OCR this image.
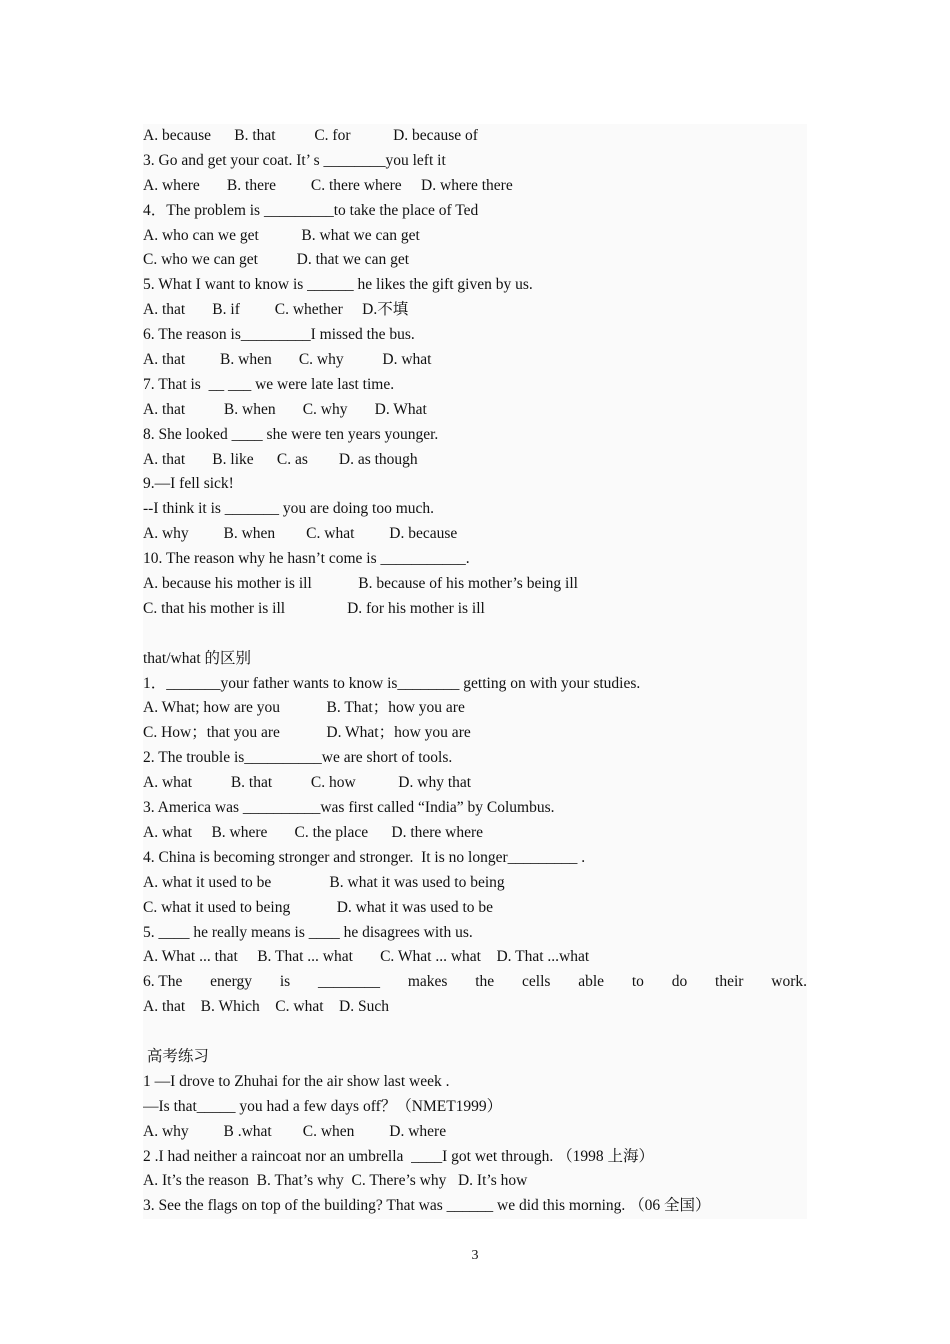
A. because      B. that          C. for           D. because of
3. Go and get your coat. It’ s ________you left it
A. where       B. there         C. there where     D. where there
4．The problem is _________to take the place of Ted
A. who can we get           B. what we can get
C. who we can get          D. that we can get
5. What I want to know is ______ he likes the gift given by us.
A. that       B. if         C. whether     D.不填
6. The reason is_________I missed the bus.
A. that         B. when       C. why          D. what
7. That is  __ ___ we were late last time.
A. that          B. when       C. why       D. What
8. She looked ____ she were ten years younger.
A. that       B. like      C. as        D. as though
9.—I fell sick!
--I think it is _______ you are doing too much.
A. why         B. when        C. what         D. because
10. The reason why he hasn’t come is ___________.
A. because his mother is ill            B. because of his mother’s being ill
C. that his mother is ill                D. for his mother is ill
that/what 的区别
1．_______your father wants to know is________ getting on with your studies.
A. What; how are you            B. That；how you are
C. How；that you are            D. What；how you are
2. The trouble is__________we are short of tools.
A. what          B. that          C. how           D. why that
3. America was __________was first called “India” by Columbus.
A. what     B. where       C. the place      D. there where
4. China is becoming stronger and stronger.  It is no longer_________ .
A. what it used to be               B. what it was used to being
C. what it used to being            D. what it was used to be
5. ____ he really means is ____ he disagrees with us.
A. What ... that     B. That ... what       C. What ... what    D. That ...what
6. The energy is ________ makes the cells able to do their work.
A. that    B. Which    C. what    D. Such
高考练习
1 —I drove to Zhuhai for the air show last week .
—Is that_____ you had a few days off？（NMET1999）
A. why         B .what        C. when         D. where
2 .I had neither a raincoat nor an umbrella  ____I got wet through. （1998 上海）
A. It’s the reason  B. That’s why  C. There’s why   D. It’s how
3. See the flags on top of the building? That was ______ we did this morning. （06 全国）
3
